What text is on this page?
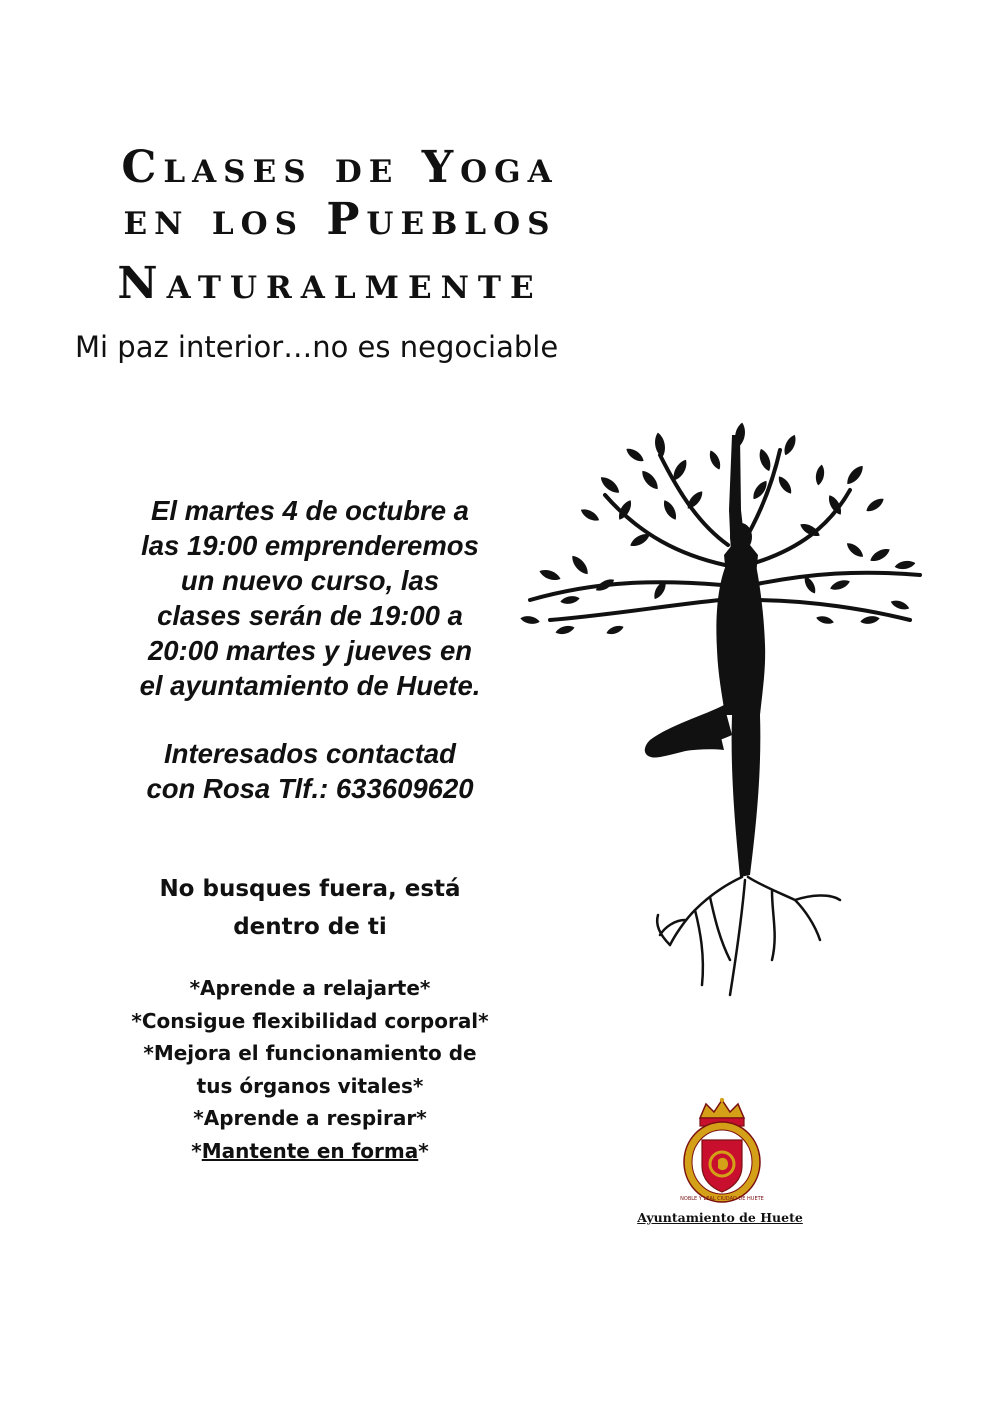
Clases de Yoga
en los Pueblos
Naturalmente
Mi paz interior…no es negociable
El martes 4 de octubre a
las 19:00 emprenderemos
un nuevo curso, las
clases serán de 19:00 a
20:00 martes y jueves en
el ayuntamiento de Huete.
Interesados contactad
con Rosa Tlf.: 633609620
No busques fuera, está
dentro de ti
*Aprende a relajarte*
*Consigue flexibilidad corporal*
*Mejora el funcionamiento de
tus órganos vitales*
*Aprende a respirar*
*Mantente en forma*
NOBLE Y LEAL CIUDAD DE HUETE
Ayuntamiento de Huete
